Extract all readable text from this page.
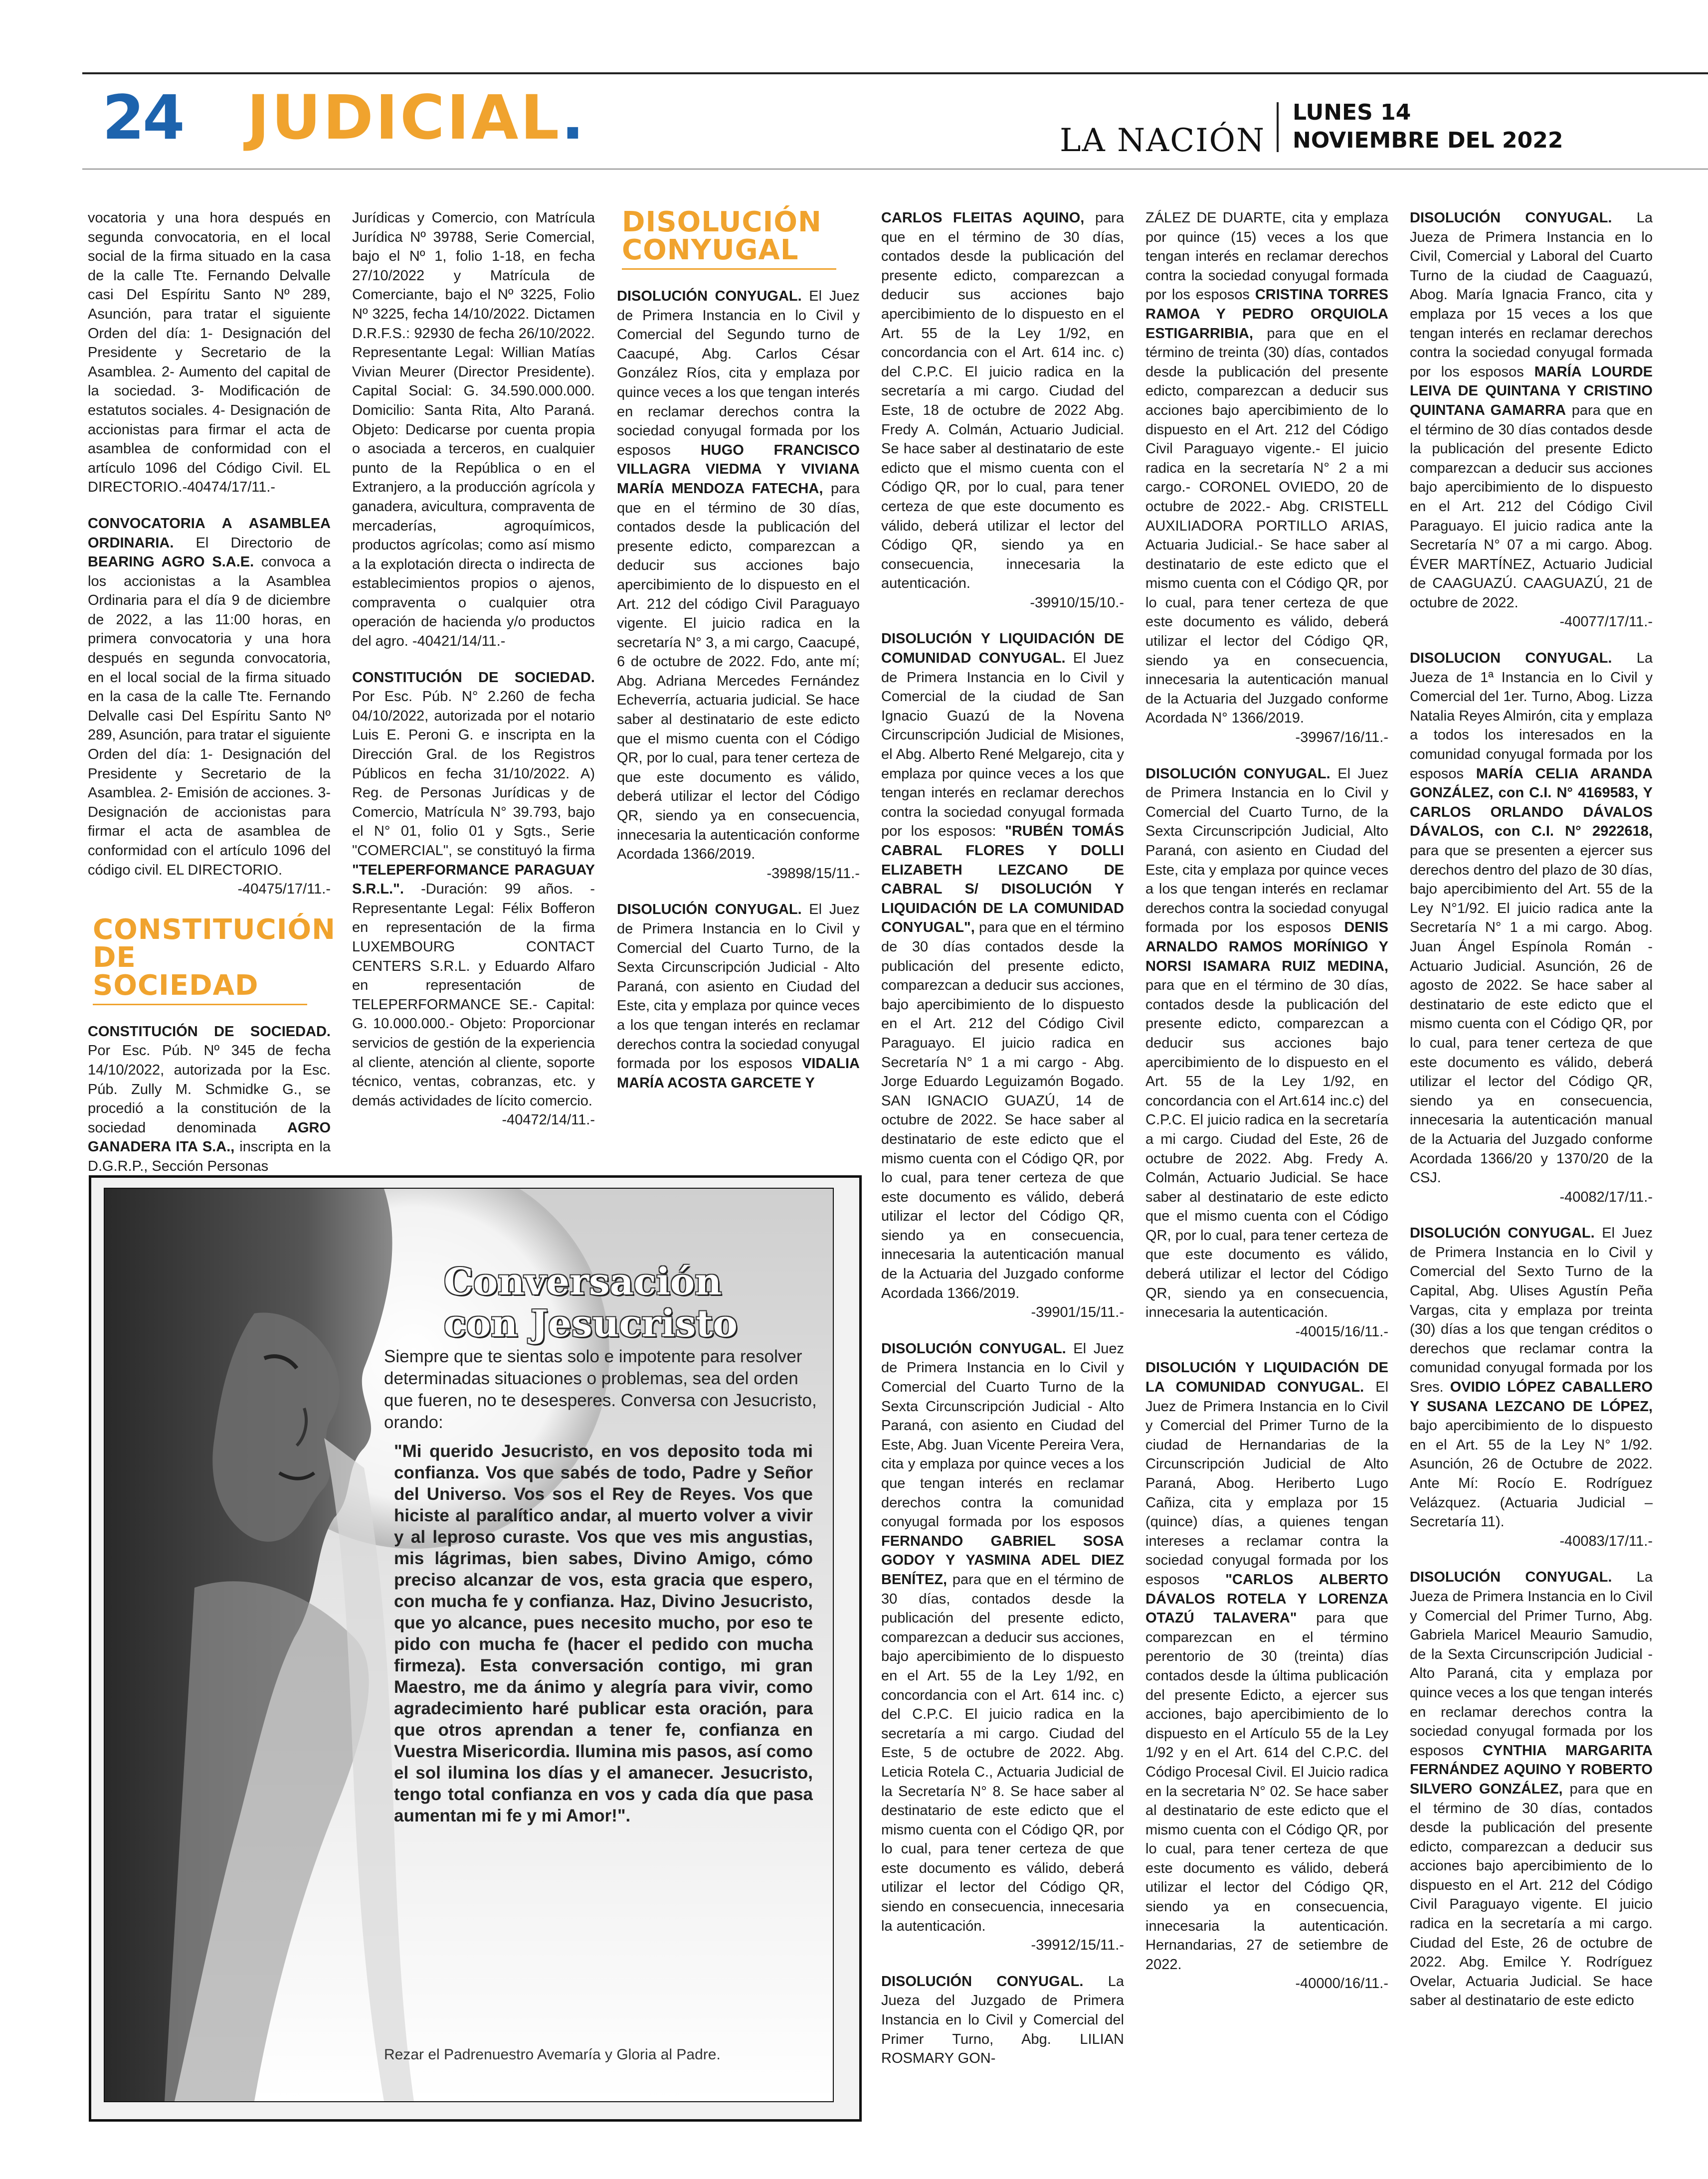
24 JUDICIAL.	LA NACIÓN
LUNES 14
NOVIEMBRE DEL 2022

vocatoria y una hora después en segunda convocatoria, en el local social de la firma situado en la casa de la calle Tte. Fernando Delvalle casi Del Espíritu Santo Nº 289, Asunción, para tratar el siguiente Orden del día: 1- Designación del Presidente y Secretario de la Asamblea. 2- Aumento del capital de la sociedad. 3- Modificación de estatutos sociales. 4- Designación de accionistas para firmar el acta de asamblea de conformidad con el artículo 1096 del Código Civil. EL DIRECTORIO.-40474/17/11.-

CONVOCATORIA A ASAMBLEA ORDINARIA. El Directorio de BEARING AGRO S.A.E. convoca a los accionistas a la Asamblea Ordinaria para el día 9 de diciembre de 2022, a las 11:00 horas, en primera convocatoria y una hora después en segunda convocatoria, en el local social de la firma situado en la casa de la calle Tte. Fernando Delvalle casi Del Espíritu Santo Nº 289, Asunción, para tratar el siguiente Orden del día: 1- Designación del Presidente y Secretario de la Asamblea. 2- Emisión de acciones. 3- Designación de accionistas para firmar el acta de asamblea de conformidad con el artículo 1096 del código civil. EL DIRECTORIO.
-40475/17/11.-

CONSTITUCIÓN
DE SOCIEDAD

CONSTITUCIÓN DE SOCIEDAD. Por Esc. Púb. Nº 345 de fecha 14/10/2022, autorizada por la Esc. Púb. Zully M. Schmidke G., se procedió a la constitución de la sociedad denominada AGRO GANADERA ITA S.A., inscripta en la D.G.R.P., Sección Personas

Jurídicas y Comercio, con Matrícula Jurídica Nº 39788, Serie Comercial, bajo el Nº 1, folio 1-18, en fecha 27/10/2022 y Matrícula de Comerciante, bajo el Nº 3225, Folio Nº 3225, fecha 14/10/2022. Dictamen D.R.F.S.: 92930 de fecha 26/10/2022. Representante Legal: Willian Matías Vivian Meurer (Director Presidente). Capital Social: G. 34.590.000.000. Domicilio: Santa Rita, Alto Paraná. Objeto: Dedicarse por cuenta propia o asociada a terceros, en cualquier punto de la República o en el Extranjero, a la producción agrícola y ganadera, avicultura, compraventa de mercaderías, agroquímicos, productos agrícolas; como así mismo a la explotación directa o indirecta de establecimientos propios o ajenos, compraventa o cualquier otra operación de hacienda y/o productos del agro. -40421/14/11.-

CONSTITUCIÓN DE SOCIEDAD. Por Esc. Púb. N° 2.260 de fecha 04/10/2022, autorizada por el notario Luis E. Peroni G. e inscripta en la Dirección Gral. de los Registros Públicos en fecha 31/10/2022. A) Reg. de Personas Jurídicas y de Comercio, Matrícula N° 39.793, bajo el N° 01, folio 01 y Sgts., Serie "COMERCIAL", se constituyó la firma "TELEPERFORMANCE PARAGUAY S.R.L.". -Duración: 99 años. -Representante Legal: Félix Bofferon en representación de la firma LUXEMBOURG CONTACT CENTERS S.R.L. y Eduardo Alfaro en representación de TELEPERFORMANCE SE.- Capital: G. 10.000.000.- Objeto: Proporcionar servicios de gestión de la experiencia al cliente, atención al cliente, soporte técnico, ventas, cobranzas, etc. y demás actividades de lícito comercio.
-40472/14/11.-

DISOLUCIÓN
CONYUGAL

DISOLUCIÓN CONYUGAL. El Juez de Primera Instancia en lo Civil y Comercial del Segundo turno de Caacupé, Abg. Carlos César González Ríos, cita y emplaza por quince veces a los que tengan interés en reclamar derechos contra la sociedad conyugal formada por los esposos HUGO FRANCISCO VILLAGRA VIEDMA Y VIVIANA MARÍA MENDOZA FATECHA, para que en el término de 30 días, contados desde la publicación del presente edicto, comparezcan a deducir sus acciones bajo apercibimiento de lo dispuesto en el Art. 212 del código Civil Paraguayo vigente. El juicio radica en la secretaría N° 3, a mi cargo, Caacupé, 6 de octubre de 2022. Fdo, ante mí; Abg. Adriana Mercedes Fernández Echeverría, actuaria judicial. Se hace saber al destinatario de este edicto que el mismo cuenta con el Código QR, por lo cual, para tener certeza de que este documento es válido, deberá utilizar el lector del Código QR, siendo ya en consecuencia, innecesaria la autenticación conforme Acordada 1366/2019.
-39898/15/11.-

DISOLUCIÓN CONYUGAL. El Juez de Primera Instancia en lo Civil y Comercial del Cuarto Turno, de la Sexta Circunscripción Judicial - Alto Paraná, con asiento en Ciudad del Este, cita y emplaza por quince veces a los que tengan interés en reclamar derechos contra la sociedad conyugal formada por los esposos VIDALIA MARÍA ACOSTA GARCETE Y

CARLOS FLEITAS AQUINO, para que en el término de 30 días, contados desde la publicación del presente edicto, comparezcan a deducir sus acciones bajo apercibimiento de lo dispuesto en el Art. 55 de la Ley 1/92, en concordancia con el Art. 614 inc. c) del C.P.C. El juicio radica en la secretaría a mi cargo. Ciudad del Este, 18 de octubre de 2022 Abg. Fredy A. Colmán, Actuario Judicial. Se hace saber al destinatario de este edicto que el mismo cuenta con el Código QR, por lo cual, para tener certeza de que este documento es válido, deberá utilizar el lector del Código QR, siendo ya en consecuencia, innecesaria la autenticación.
-39910/15/10.-

DISOLUCIÓN Y LIQUIDACIÓN DE COMUNIDAD CONYUGAL. El Juez de Primera Instancia en lo Civil y Comercial de la ciudad de San Ignacio Guazú de la Novena Circunscripción Judicial de Misiones, el Abg. Alberto René Melgarejo, cita y emplaza por quince veces a los que tengan interés en reclamar derechos contra la sociedad conyugal formada por los esposos: "RUBÉN TOMÁS CABRAL FLORES Y DOLLI ELIZABETH LEZCANO DE CABRAL S/ DISOLUCIÓN Y LIQUIDACIÓN DE LA COMUNIDAD CONYUGAL", para que en el término de 30 días contados desde la publicación del presente edicto, comparezcan a deducir sus acciones, bajo apercibimiento de lo dispuesto en el Art. 212 del Código Civil Paraguayo. El juicio radica en Secretaría N° 1 a mi cargo - Abg. Jorge Eduardo Leguizamón Bogado. SAN IGNACIO GUAZÚ, 14 de octubre de 2022. Se hace saber al destinatario de este edicto que el mismo cuenta con el Código QR, por lo cual, para tener certeza de que este documento es válido, deberá utilizar el lector del Código QR, siendo ya en consecuencia, innecesaria la autenticación manual de la Actuaria del Juzgado conforme Acordada 1366/2019.
-39901/15/11.-

DISOLUCIÓN CONYUGAL. El Juez de Primera Instancia en lo Civil y Comercial del Cuarto Turno de la Sexta Circunscripción Judicial - Alto Paraná, con asiento en Ciudad del Este, Abg. Juan Vicente Pereira Vera, cita y emplaza por quince veces a los que tengan interés en reclamar derechos contra la comunidad conyugal formada por los esposos FERNANDO GABRIEL SOSA GODOY Y YASMINA ADEL DIEZ BENÍTEZ, para que en el término de 30 días, contados desde la publicación del presente edicto, comparezcan a deducir sus acciones, bajo apercibimiento de lo dispuesto en el Art. 55 de la Ley 1/92, en concordancia con el Art. 614 inc. c) del C.P.C. El juicio radica en la secretaría a mi cargo. Ciudad del Este, 5 de octubre de 2022. Abg. Leticia Rotela C., Actuaria Judicial de la Secretaría N° 8. Se hace saber al destinatario de este edicto que el mismo cuenta con el Código QR, por lo cual, para tener certeza de que este documento es válido, deberá utilizar el lector del Código QR, siendo en consecuencia, innecesaria la autenticación.
-39912/15/11.-

DISOLUCIÓN CONYUGAL. La Jueza del Juzgado de Primera Instancia en lo Civil y Comercial del Primer Turno, Abg. LILIAN ROSMARY GON-

ZÁLEZ DE DUARTE, cita y emplaza por quince (15) veces a los que tengan interés en reclamar derechos contra la sociedad conyugal formada por los esposos CRISTINA TORRES RAMOA Y PEDRO ORQUIOLA ESTIGARRIBIA, para que en el término de treinta (30) días, contados desde la publicación del presente edicto, comparezcan a deducir sus acciones bajo apercibimiento de lo dispuesto en el Art. 212 del Código Civil Paraguayo vigente.- El juicio radica en la secretaría N° 2 a mi cargo.- CORONEL OVIEDO, 20 de octubre de 2022.- Abg. CRISTELL AUXILIADORA PORTILLO ARIAS, Actuaria Judicial.- Se hace saber al destinatario de este edicto que el mismo cuenta con el Código QR, por lo cual, para tener certeza de que este documento es válido, deberá utilizar el lector del Código QR, siendo ya en consecuencia, innecesaria la autenticación manual de la Actuaria del Juzgado conforme Acordada N° 1366/2019.
-39967/16/11.-

DISOLUCIÓN CONYUGAL. El Juez de Primera Instancia en lo Civil y Comercial del Cuarto Turno, de la Sexta Circunscripción Judicial, Alto Paraná, con asiento en Ciudad del Este, cita y emplaza por quince veces a los que tengan interés en reclamar derechos contra la sociedad conyugal formada por los esposos DENIS ARNALDO RAMOS MORÍNIGO Y NORSI ISAMARA RUIZ MEDINA, para que en el término de 30 días, contados desde la publicación del presente edicto, comparezcan a deducir sus acciones bajo apercibimiento de lo dispuesto en el Art. 55 de la Ley 1/92, en concordancia con el Art.614 inc.c) del C.P.C. El juicio radica en la secretaría a mi cargo. Ciudad del Este, 26 de octubre de 2022. Abg. Fredy A. Colmán, Actuario Judicial. Se hace saber al destinatario de este edicto que el mismo cuenta con el Código QR, por lo cual, para tener certeza de que este documento es válido, deberá utilizar el lector del Código QR, siendo ya en consecuencia, innecesaria la autenticación.
-40015/16/11.-

DISOLUCIÓN Y LIQUIDACIÓN DE LA COMUNIDAD CONYUGAL. El Juez de Primera Instancia en lo Civil y Comercial del Primer Turno de la ciudad de Hernandarias de la Circunscripción Judicial de Alto Paraná, Abog. Heriberto Lugo Cañiza, cita y emplaza por 15 (quince) días, a quienes tengan intereses a reclamar contra la sociedad conyugal formada por los esposos "CARLOS ALBERTO DÁVALOS ROTELA Y LORENZA OTAZÚ TALAVERA" para que comparezcan en el término perentorio de 30 (treinta) días contados desde la última publicación del presente Edicto, a ejercer sus acciones, bajo apercibimiento de lo dispuesto en el Artículo 55 de la Ley 1/92 y en el Art. 614 del C.P.C. del Código Procesal Civil. El Juicio radica en la secretaria N° 02. Se hace saber al destinatario de este edicto que el mismo cuenta con el Código QR, por lo cual, para tener certeza de que este documento es válido, deberá utilizar el lector del Código QR, siendo ya en consecuencia, innecesaria la autenticación. Hernandarias, 27 de setiembre de 2022.
-40000/16/11.-

DISOLUCIÓN CONYUGAL. La Jueza de Primera Instancia en lo Civil, Comercial y Laboral del Cuarto Turno de la ciudad de Caaguazú, Abog. María Ignacia Franco, cita y emplaza por 15 veces a los que tengan interés en reclamar derechos contra la sociedad conyugal formada por los esposos MARÍA LOURDE LEIVA DE QUINTANA Y CRISTINO QUINTANA GAMARRA para que en el término de 30 días contados desde la publicación del presente Edicto comparezcan a deducir sus acciones bajo apercibimiento de lo dispuesto en el Art. 212 del Código Civil Paraguayo. El juicio radica ante la Secretaría N° 07 a mi cargo. Abog. ÉVER MARTÍNEZ, Actuario Judicial de CAAGUAZÚ. CAAGUAZÚ, 21 de octubre de 2022.
-40077/17/11.-

DISOLUCION CONYUGAL. La Jueza de 1ª Instancia en lo Civil y Comercial del 1er. Turno, Abog. Lizza Natalia Reyes Almirón, cita y emplaza a todos los interesados en la comunidad conyugal formada por los esposos MARÍA CELIA ARANDA GONZÁLEZ, con C.I. N° 4169583, Y CARLOS ORLANDO DÁVALOS DÁVALOS, con C.I. N° 2922618, para que se presenten a ejercer sus derechos dentro del plazo de 30 días, bajo apercibimiento del Art. 55 de la Ley N°1/92. El juicio radica ante la Secretaría N° 1 a mi cargo. Abog. Juan Ángel Espínola Román - Actuario Judicial. Asunción, 26 de agosto de 2022. Se hace saber al destinatario de este edicto que el mismo cuenta con el Código QR, por lo cual, para tener certeza de que este documento es válido, deberá utilizar el lector del Código QR, siendo ya en consecuencia, innecesaria la autenticación manual de la Actuaria del Juzgado conforme Acordada 1366/20 y 1370/20 de la CSJ.
-40082/17/11.-

DISOLUCIÓN CONYUGAL. El Juez de Primera Instancia en lo Civil y Comercial del Sexto Turno de la Capital, Abg. Ulises Agustín Peña Vargas, cita y emplaza por treinta (30) días a los que tengan créditos o derechos que reclamar contra la comunidad conyugal formada por los Sres. OVIDIO LÓPEZ CABALLERO Y SUSANA LEZCANO DE LÓPEZ, bajo apercibimiento de lo dispuesto en el Art. 55 de la Ley N° 1/92. Asunción, 26 de Octubre de 2022. Ante Mí: Rocío E. Rodríguez Velázquez. (Actuaria Judicial – Secretaría 11).
-40083/17/11.-

DISOLUCIÓN CONYUGAL. La Jueza de Primera Instancia en lo Civil y Comercial del Primer Turno, Abg. Gabriela Maricel Meaurio Samudio, de la Sexta Circunscripción Judicial - Alto Paraná, cita y emplaza por quince veces a los que tengan interés en reclamar derechos contra la sociedad conyugal formada por los esposos CYNTHIA MARGARITA FERNÁNDEZ AQUINO Y ROBERTO SILVERO GONZÁLEZ, para que en el término de 30 días, contados desde la publicación del presente edicto, comparezcan a deducir sus acciones bajo apercibimiento de lo dispuesto en el Art. 212 del Código Civil Paraguayo vigente. El juicio radica en la secretaría a mi cargo. Ciudad del Este, 26 de octubre de 2022. Abg. Emilce Y. Rodríguez Ovelar, Actuaria Judicial. Se hace saber al destinatario de este edicto

Conversación
con Jesucristo
Siempre que te sientas solo e impotente para resolver determinadas situaciones o problemas, sea del orden que fueren, no te desesperes. Conversa con Jesucristo, orando:
"Mi querido Jesucristo, en vos deposito toda mi confianza. Vos que sabés de todo, Padre y Señor del Universo. Vos sos el Rey de Reyes. Vos que hiciste al paralítico andar, al muerto volver a vivir y al leproso curaste. Vos que ves mis angustias, mis lágrimas, bien sabes, Divino Amigo, cómo preciso alcanzar de vos, esta gracia que espero, con mucha fe y confianza. Haz, Divino Jesucristo, que yo alcance, pues necesito mucho, por eso te pido con mucha fe (hacer el pedido con mucha firmeza). Esta conversación contigo, mi gran Maestro, me da ánimo y alegría para vivir, como agradecimiento haré publicar esta oración, para que otros aprendan a tener fe, confianza en Vuestra Misericordia. Ilumina mis pasos, así como el sol ilumina los días y el amanecer. Jesucristo, tengo total confianza en vos y cada día que pasa aumentan mi fe y mi Amor!".
Rezar el Padrenuestro Avemaría y Gloria al Padre.
